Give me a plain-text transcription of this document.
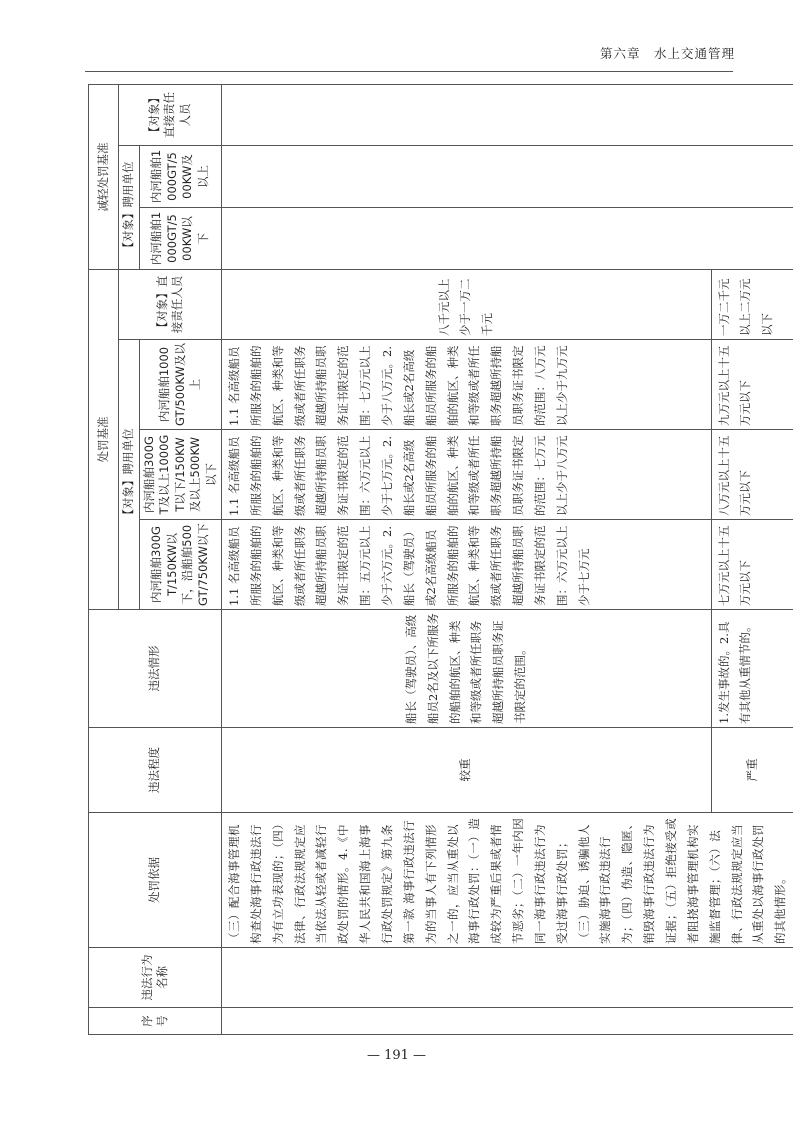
第六章　水上交通管理
序号	违法行为名称	处罚依据	违法程度	违法情形	处罚基准				减轻处罚基准		
					【对象】聘用单位			【对象】直接责任人员	【对象】聘用单位		【对象】直接责任人员
					内河船舶300GT/150KW以下，沿船舶500GT/750KW以下	内河船舶300GT及以上1000GT以下/150KW及以上500KW以下	内河船舶1000GT/500KW及以上		内河船舶1000GT/500KW以下	内河船舶1000GT/500KW及以上	
		（三）配合海事管理机构查处海事行政违法行为有立功表现的；（四）法律、行政法规规定应当依法从轻或者减轻行政处罚的情形。4.《中华人民共和国海上海事行政处罚规定》第九条第一款 海事行政违法行为的当事人有下列情形之一的，应当从重处以海事行政处罚：（一）造成较为严重后果或者情节恶劣；（二）一年内因同一海事行政违法行为受过海事行政处罚；（三）胁迫、诱骗他人实施海事行政违法行为；（四）伪造、隐匿、销毁海事行政违法行为证据；（五）拒绝接受或者阻挠海事管理机构实施监督管理；（六）法律、行政法规规定应当从重处以海事行政处罚的其他情形。	较重	船长（驾驶员）、高级船员2名及以下所服务的船舶的航区、种类和等级或者所任职务超越所持船员职务证书限定的范围。	1.1 名高级船员所服务的船舶的航区、种类和等级或者所任职务超越所持船员职务证书限定的范围：五万元以上 少于六万元。2.船长（驾驶员）或2名高级船员所服务的船舶的航区、种类和等级或者所任职务超越所持船员职务证书限定的范围：六万元以上少于七万元	1.1 名高级船员所服务的船舶的航区、种类和等级或者所任职务超越所持船员职务证书限定的范围：六万元以上少于七万元。2.船长或2名高级船员所服务的船舶的航区、种类和等级或者所任职务超越所持船员职务证书限定的范围：七万元以上少于八万元	1.1 名高级船员所服务的船舶的航区、种类和等级或者所任职务超越所持船员职务证书限定的范围：七万元以上少于八万元。2.船长或2名高级船员所服务的船舶的航区、种类和等级或者所任职务超越所持船员职务证书限定的范围：八万元以上少于九万元	八千元以上少于一万二千元			
			严重	1.发生事故的。2.具有其他从重情节的。	七万元以上十五万元以下	八万元以上十五万元以下	九万元以上十五万元以下	一万二千元以上二万元以下			
— 191 —
